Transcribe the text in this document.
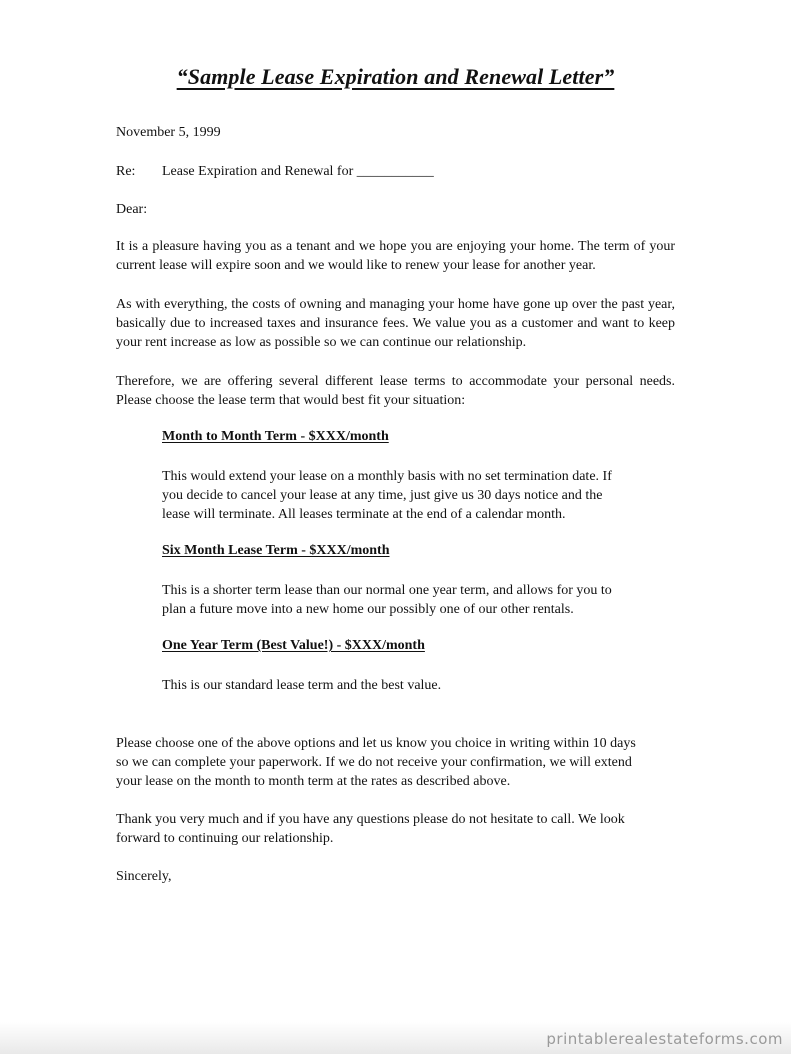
“Sample Lease Expiration and Renewal Letter”
November 5, 1999
Re: Lease Expiration and Renewal for ___________
Dear:
It is a pleasure having you as a tenant and we hope you are enjoying your home. The term of your current lease will expire soon and we would like to renew your lease for another year.
As with everything, the costs of owning and managing your home have gone up over the past year, basically due to increased taxes and insurance fees. We value you as a customer and want to keep your rent increase as low as possible so we can continue our relationship.
Therefore, we are offering several different lease terms to accommodate your personal needs. Please choose the lease term that would best fit your situation:
Month to Month Term - $XXX/month
This would extend your lease on a monthly basis with no set termination date. If you decide to cancel your lease at any time, just give us 30 days notice and the lease will terminate. All leases terminate at the end of a calendar month.
Six Month Lease Term - $XXX/month
This is a shorter term lease than our normal one year term, and allows for you to plan a future move into a new home our possibly one of our other rentals.
One Year Term (Best Value!) - $XXX/month
This is our standard lease term and the best value.
Please choose one of the above options and let us know you choice in writing within 10 days so we can complete your paperwork. If we do not receive your confirmation, we will extend your lease on the month to month term at the rates as described above.
Thank you very much and if you have any questions please do not hesitate to call. We look forward to continuing our relationship.
Sincerely,
printablerealestateforms.com
